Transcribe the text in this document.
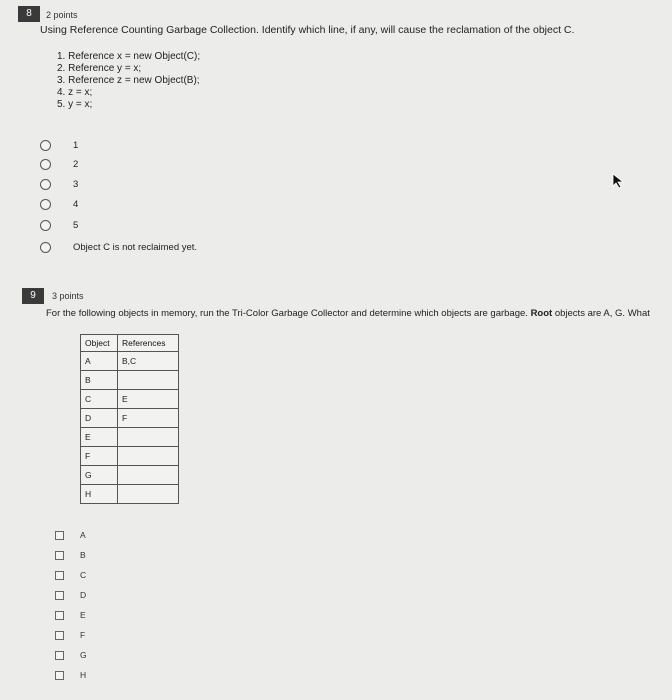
8	2 points
Using Reference Counting Garbage Collection. Identify which line, if any, will cause the reclamation of the object C.
1. Reference x = new Object(C);
2. Reference y = x;
3. Reference z = new Object(B);
4. z = x;
5. y = x;
1
2
3
4
5
Object C is not reclaimed yet.
9	3 points
For the following objects in memory, run the Tri-Color Garbage Collector and determine which objects are garbage. Root objects are A, G. What
Object	References
A	B,C
B	
C	E
D	F
E	
F	
G	
H	
A
B
C
D
E
F
G
H
